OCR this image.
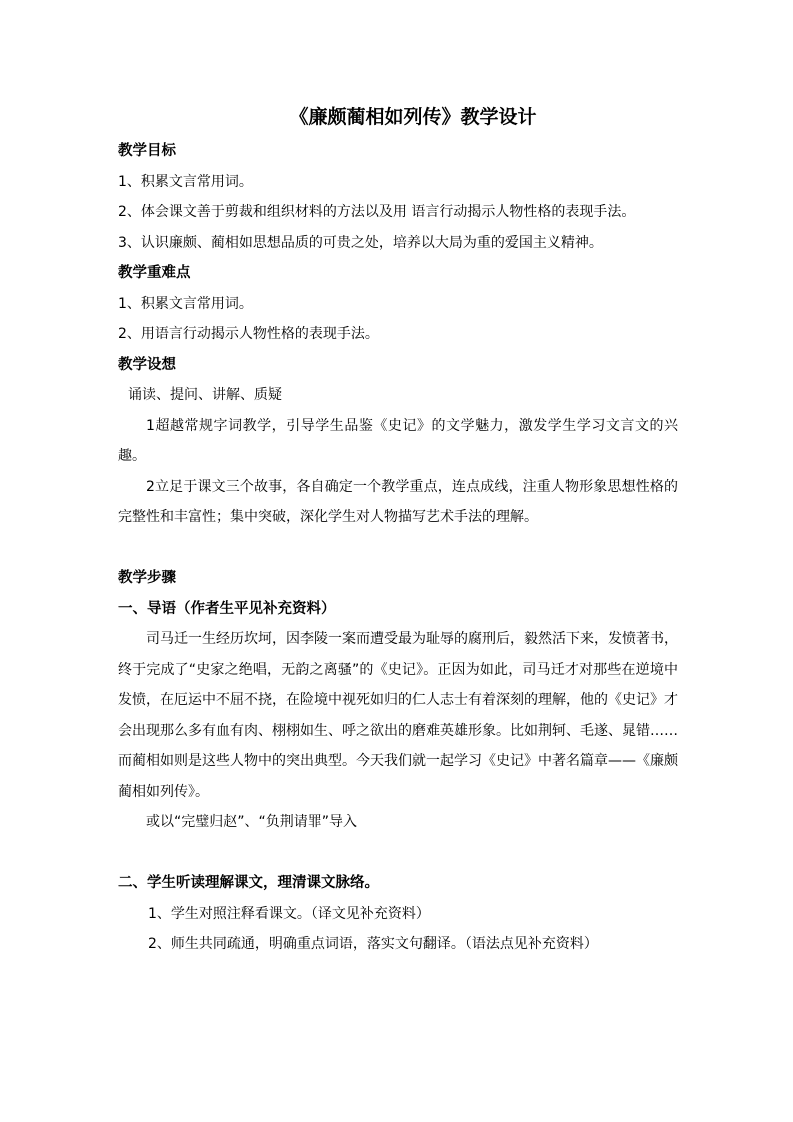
《廉颇蔺相如列传》教学设计

教学目标

1、积累文言常用词。

2、体会课文善于剪裁和组织材料的方法以及用 语言行动揭示人物性格的表现手法。

3、认识廉颇、蔺相如思想品质的可贵之处，培养以大局为重的爱国主义精神。

教学重难点

1、积累文言常用词。

2、用语言行动揭示人物性格的表现手法。

教学设想

诵读、提问、讲解、质疑

1超越常规字词教学，引导学生品鉴《史记》的文学魅力，激发学生学习文言文的兴趣。

2立足于课文三个故事，各自确定一个教学重点，连点成线，注重人物形象思想性格的完整性和丰富性；集中突破，深化学生对人物描写艺术手法的理解。

教学步骤

一、导语（作者生平见补充资料）

司马迁一生经历坎坷，因李陵一案而遭受最为耻辱的腐刑后，毅然活下来，发愤著书，终于完成了“史家之绝唱，无韵之离骚”的《史记》。正因为如此，司马迁才对那些在逆境中发愤，在厄运中不屈不挠，在险境中视死如归的仁人志士有着深刻的理解，他的《史记》才会出现那么多有血有肉、栩栩如生、呼之欲出的磨难英雄形象。比如荆轲、毛遂、晁错……而蔺相如则是这些人物中的突出典型。今天我们就一起学习《史记》中著名篇章——《廉颇蔺相如列传》。

或以“完璧归赵”、“负荆请罪”导入

二、学生听读理解课文，理清课文脉络。

1、学生对照注释看课文。（译文见补充资料）

2、师生共同疏通，明确重点词语，落实文句翻译。（语法点见补充资料）
